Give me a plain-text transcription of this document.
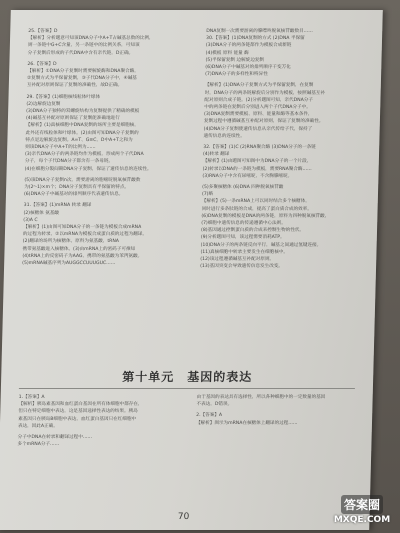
25.【答案】D
【解析】分析题意可知该DNA分子中A+T占碱基总数的比例，
则一条链中G+C含量，另一条链中的比例关系，可知该
分子复制后形成的子代DNA中含有亲代链，D正确。
26.【答案】D
【解析】①DNA分子复制时需要解旋酶和DNA聚合酶，
②复制方式为半保留复制，③子代DNA分子中，④碱基
互补配对原则保证了复制的准确性，故D正确。
29.【答案】(1)细胞核线粒体叶绿体
(2)边解旋边复制
(3)DNA分子独特的双螺旋结构为复制提供了精确的模板
(4)碱基互补配对原则保证了复制能准确地进行
【解析】(1)真核细胞中DNA复制的场所主要是细胞核，
此外还有线粒体和叶绿体。(2)由图可知DNA分子复制的
特点是边解旋边复制。A=T、G≡C，D中A+T之和为
则该DNA分子中A+T的比例为……
(3)亲代DNA分子的两条链均作为模板，形成两个子代DNA
分子，每个子代DNA分子都含有一条母链。
(4)在细胞分裂间期DNA分子复制，保证了遗传信息的连续性。
(5)该DNA分子复制n次，需要游离的胞嘧啶脱氧核苷酸数
为(2ⁿ-1)×m个；DNA分子复制具有半保留的特点。
(6)DNA分子中碱基对的排列顺序代表遗传信息。
31.【答案】(1)mRNA 转录 翻译
(2)核糖体 氨基酸
(3)A C
【解析】(1)由图可知DNA分子的一条链为模板合成mRNA
的过程为转录，②以mRNA为模板合成蛋白质的过程为翻译。
(2)翻译的场所为核糖体，原料为氨基酸，tRNA
携带氨基酸进入核糖体。(3)由mRNA上的密码子可推知
(4)tRNA上的反密码子为AAG，携带的氨基酸为苯丙氨酸。
(5)mRNA碱基序列为AUGGCCUUUGUC……
DNA复制一次需要游离的腺嘌呤脱氧核苷酸数目……
30.【答案】(1)DNA复制的方式 (2)DNA 半保留
(3)DNA分子的两条链都作为模板合成新链
(4)模板 原料 能量 酶
(5)半保留复制 边解旋边复制
(6)DNA分子中碱基对的排列顺序千变万化
(7)DNA分子的多样性和特异性
【解析】(1)DNA分子复制方式为半保留复制，在复制
时，DNA分子的两条链解旋后分别作为模板，按照碱基互补
配对原则合成子链。(2)分析题图可知，亲代DNA分子
中的两条链在复制后分别进入两个子代DNA分子中。
(3)DNA复制需要模板、原料、能量和酶等基本条件，
复制过程中遵循碱基互补配对原则，保证了复制的准确性。
(4)DNA分子复制使遗传信息从亲代传给子代，保持了
遗传信息的连续性。
32.【答案】(1)C (2)RNA聚合酶 (3)DNA分子的一条链
(4)转录 翻译
【解析】(1)由题图可知图中为DNA分子的一个片段，
(2)转录以DNA的一条链为模板，需要RNA聚合酶……
(3)RNA分子中含有尿嘧啶，不含胸腺嘧啶。
(5)多聚核糖体 (6)DNA 四种脱氧核苷酸
(7)略
【解析】(5)一条mRNA上可以同时结合多个核糖体，
同时进行多条肽链的合成，提高了蛋白质合成的效率。
(6)DNA复制的模板是DNA的两条链，原料为四种脱氧核苷酸，
(7)细胞中遗传信息的传递遵循中心法则。
(8)基因通过控制蛋白质的合成来控制生物的性状。
(9)分析题图可知，该过程需要消耗ATP。
(10)DNA分子的两条链反向平行，碱基之间通过氢键连接。
(11)真核细胞中转录主要发生在细胞核中。
(12)该过程遵循碱基互补配对原则。
(13)基因突变会导致遗传信息发生改变。
第十单元　基因的表达
1.【答案】A
【解析】胰岛素基因和血红蛋白基因在所有体细胞中都存在，
但只在特定细胞中表达，这是基因选择性表达的结果。胰岛
素基因只在胰岛B细胞中表达，血红蛋白基因只在红细胞中
表达，因此A正确。
分子中DNA在转录和翻译过程中……
多个mRNA分子……
由于基因的表达具有选择性，所以各种细胞中的一定数量的基因
不表达，D错误。
2.【答案】A
【解析】图示为mRNA在核糖体上翻译的过程……
70
答案圈
MXQE.COM
